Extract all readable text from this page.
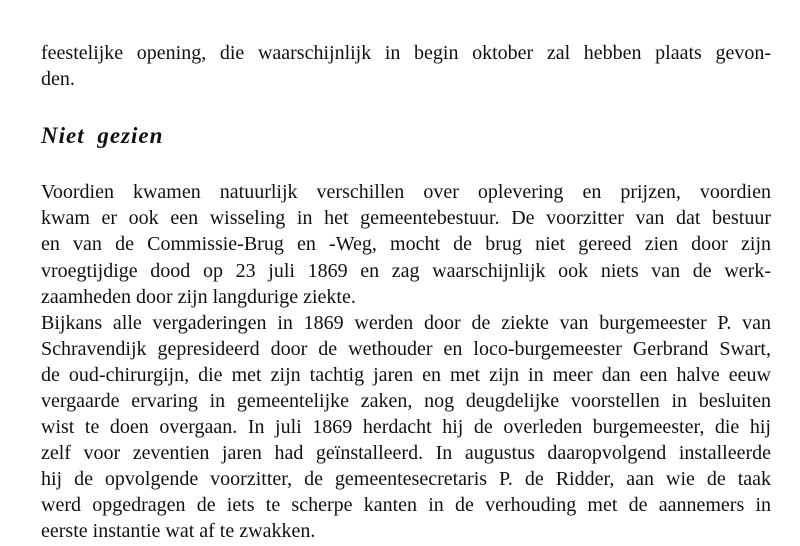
feestelijke opening, die waarschijnlijk in begin oktober zal hebben plaats gevon-
den.
Niet gezien
Voordien kwamen natuurlijk verschillen over oplevering en prijzen, voordien
kwam er ook een wisseling in het gemeentebestuur. De voorzitter van dat bestuur
en van de Commissie-Brug en -Weg, mocht de brug niet gereed zien door zijn
vroegtijdige dood op 23 juli 1869 en zag waarschijnlijk ook niets van de werk-
zaamheden door zijn langdurige ziekte.
Bijkans alle vergaderingen in 1869 werden door de ziekte van burgemeester P. van
Schravendijk gepresideerd door de wethouder en loco-burgemeester Gerbrand Swart,
de oud-chirurgijn, die met zijn tachtig jaren en met zijn in meer dan een halve eeuw
vergaarde ervaring in gemeentelijke zaken, nog deugdelijke voorstellen in besluiten
wist te doen overgaan. In juli 1869 herdacht hij de overleden burgemeester, die hij
zelf voor zeventien jaren had geïnstalleerd. In augustus daaropvolgend installeerde
hij de opvolgende voorzitter, de gemeentesecretaris P. de Ridder, aan wie de taak
werd opgedragen de iets te scherpe kanten in de verhouding met de aannemers in
eerste instantie wat af te zwakken.
